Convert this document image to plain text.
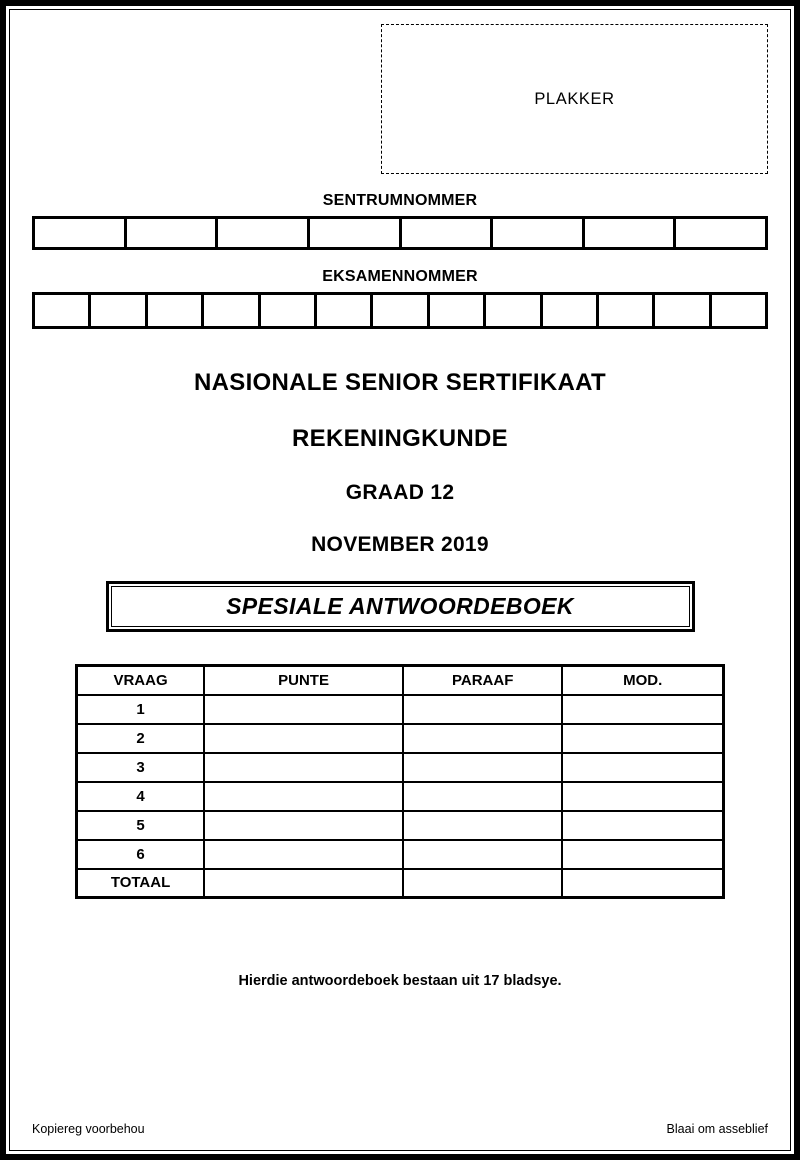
PLAKKER
SENTRUMNOMMER
EKSAMENNOMMER
NASIONALE SENIOR SERTIFIKAAT
REKENINGKUNDE
GRAAD 12
NOVEMBER 2019
SPESIALE ANTWOORDEBOEK
VRAAG	PUNTE	PARAAF	MOD.
1			
2			
3			
4			
5			
6			
TOTAAL			
Hierdie antwoordeboek bestaan uit 17 bladsye.
Kopiereg voorbehou	Blaai om asseblief
